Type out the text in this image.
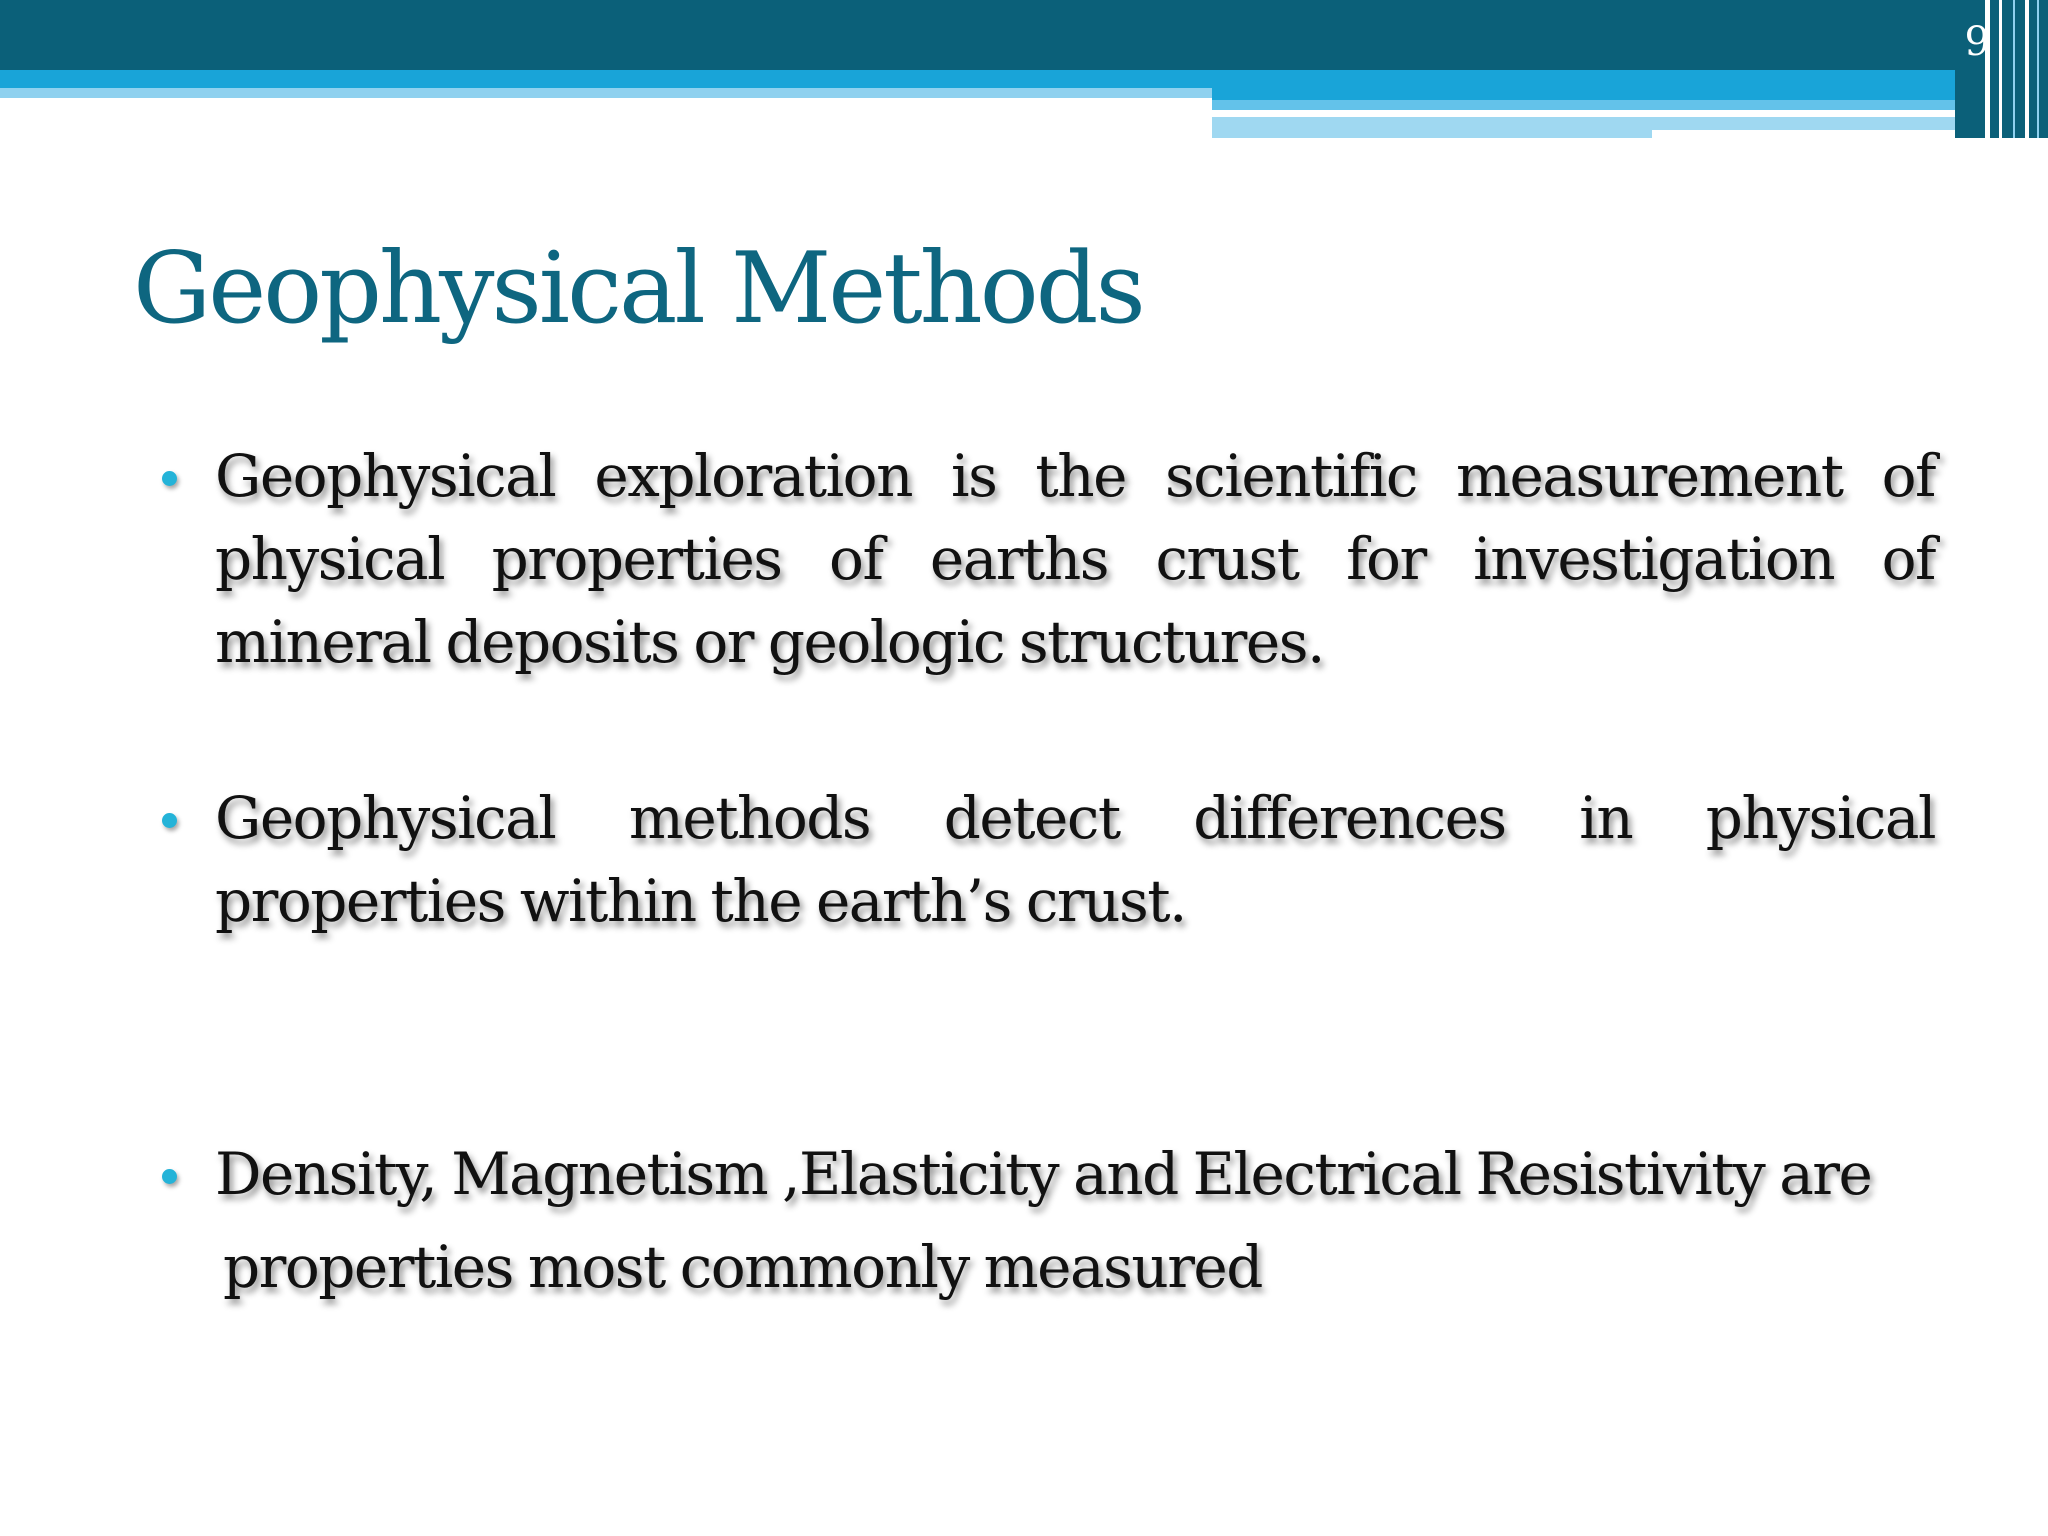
9
Geophysical Methods
Geophysical exploration is the scientific measurement of physical properties of earths crust for investigation of mineral deposits or geologic structures.
Geophysical methods detect differences in physical properties within the earth’s crust.
Density, Magnetism ,Elasticity and Electrical Resistivity are
properties most commonly measured
